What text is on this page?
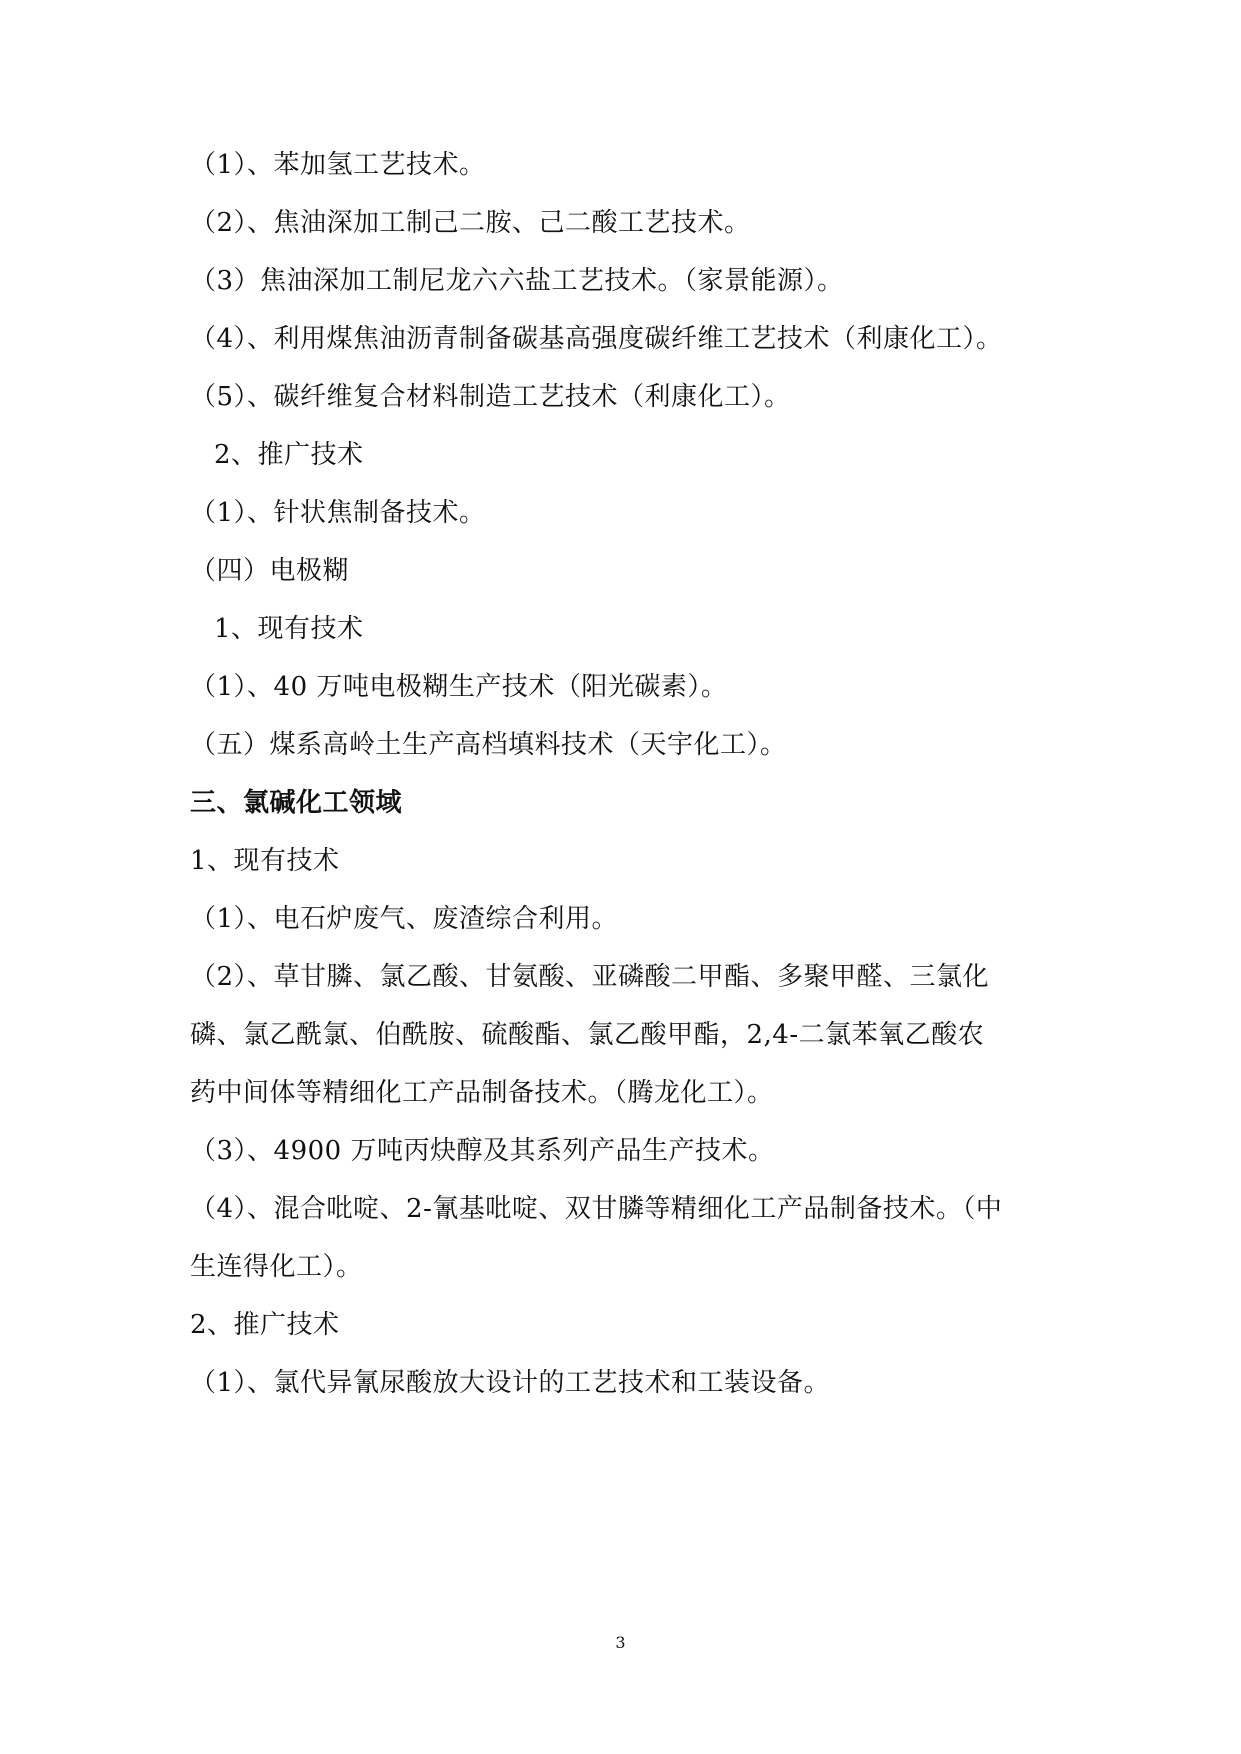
（1）、苯加氢工艺技术。
（2）、焦油深加工制己二胺、己二酸工艺技术。
（3）焦油深加工制尼龙六六盐工艺技术。（家景能源）。
（4）、利用煤焦油沥青制备碳基高强度碳纤维工艺技术（利康化工）。
（5）、碳纤维复合材料制造工艺技术（利康化工）。
2、推广技术
（1）、针状焦制备技术。
（四）电极糊
1、现有技术
（1）、40 万吨电极糊生产技术（阳光碳素）。
（五）煤系高岭土生产高档填料技术（天宇化工）。
三、氯碱化工领域
1、现有技术
（1）、电石炉废气、废渣综合利用。
（2）、草甘膦、氯乙酸、甘氨酸、亚磷酸二甲酯、多聚甲醛、三氯化
磷、氯乙酰氯、伯酰胺、硫酸酯、氯乙酸甲酯，2,4-二氯苯氧乙酸农
药中间体等精细化工产品制备技术。（腾龙化工）。
（3）、4900 万吨丙炔醇及其系列产品生产技术。
（4）、混合吡啶、2-氰基吡啶、双甘膦等精细化工产品制备技术。（中
生连得化工）。
2、推广技术
（1）、氯代异氰尿酸放大设计的工艺技术和工装设备。
3
